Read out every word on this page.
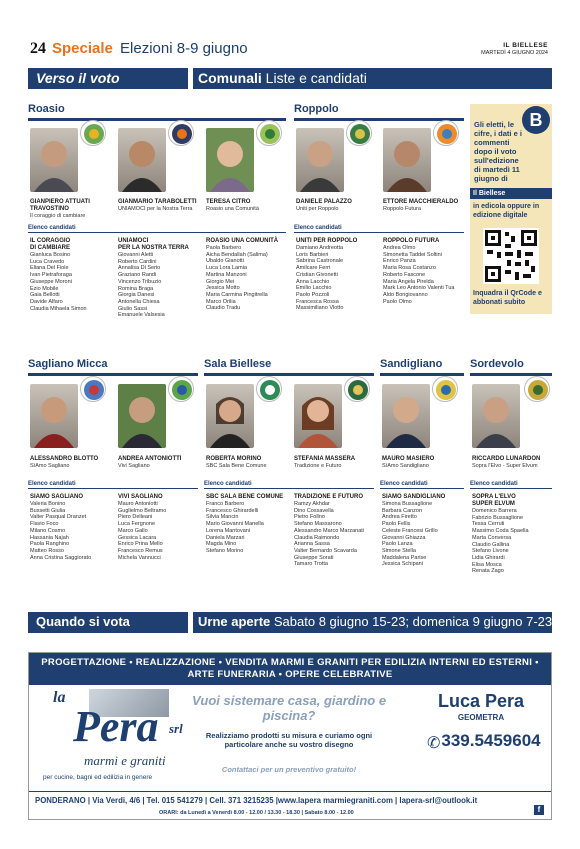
24 Speciale Elezioni 8-9 giugno	IL BIELLESE
MARTEDÌ 4 GIUGNO 2024
Verso il voto	Comunali Liste e candidati
Roasio
GIANPIERO ATTUATI
TRAVOSTINO
Il coraggio di cambiare
GIANMARIO TARABOLETTI
UNIAMOCI per la Nostra Terra
TERESA CITRO
Roasio una Comunità
Elenco candidati
IL CORAGGIO
DI CAMBIARE
Gianluca Bosino
Luca Cravedo
Eliana Del Fiole
Ivan Pietraforaga
Giuseppe Moroni
Ezio Mobile
Gaia Bellotti
Davide Alfaro
Claudia Mihaela Simon
UNIAMOCI
PER LA NOSTRA TERRA
Giovanni Aletti
Roberto Cardini
Annalisa Di Serio
Graziano Randi
Vincenzo Tribuzio
Romina Braga
Giorgia Danesi
Antonella Chiesa
Giulio Sassi
Emanuele Valsesia
ROASIO UNA COMUNITÀ
Paola Barbero
Aicha Bendallah (Salima)
Ubaldo Gianotti
Luca Lora Lamia
Martina Manzoni
Giorgio Mei
Jessica Motto
Maria Carmina Pingitrella
Marco Orilia
Claudio Tradu
Roppolo
DANIELE PALAZZO
Uniti per Roppolo
ETTORE MACCHIERALDO
Roppolo Futura
Elenco candidati
UNITI PER ROPPOLO
Damiano Andreotta
Loris Barbieri
Sabrina Castronale
Amilcare Ferri
Cristian Givonetti
Anna Lacchio
Emilio Lacchio
Paolo Pozzoli
Francesca Rossa
Massimiliano Vlotto
ROPPOLO FUTURA
Andrea Olmo
Simonetta Taddei Soltini
Enrico Panza
Maria Rosa Costanzo
Roberto Fascone
Maria Angela Pirelda
Mark Leo Antonio Valenti Tua
Aldo Bongiovanno
Paolo Olmo
B
Gli eletti, le cifre, i dati e i commenti dopo il voto sull'edizione di martedì 11 giugno di
Il Biellese
in edicola oppure in edizione digitale
Inquadra il QrCode e abbonati subito
Sagliano Micca
ALESSANDRO BLOTTO
SìAmo Sagliano
ANDREA ANTONIOTTI
Vivi Sagliano
Elenco candidati
SIAMO SAGLIANO
Valeria Bonino
Bussetti Giulia
Valter Pasqual Dranzet
Flavio Foco
Milano Cosmo
Hassania Najah
Paola Ranghino
Matteo Rosso
Anna Cristina Saggiorato
VIVI SAGLIANO
Mauro Antoniotti
Guglielmo Beltramo
Piero Delleani
Luca Fergnone
Marco Gallo
Gessica Lacara
Enrico Prina Mello
Francesco Remus
Michela Vannucci
Sala Biellese
ROBERTA MORINO
SBC Sala Bene Comune
STEFANIA MASSERA
Tradizione e Futuro
Elenco candidati
SBC SALA BENE COMUNE
Franco Barbero
Francesco Ghirardelli
Silvia Mancin
Mario Giovanni Manella
Lorena Mantovani
Daniela Marzari
Magda Mino
Stefano Morino
TRADIZIONE E FUTURO
Ramzy Akhdar
Dino Cossavella
Pietro Follno
Stefano Massarono
Alessandro Marco Marzanati
Claudia Raimondo
Arianna Sassa
Valter Bernardo Scavarda
Giuseppe Sorati
Tamaro Trotta
Sandigliano
MAURO MASIERO
SìAmo Sandigliano
Elenco candidati
SIAMO SANDIGLIANO
Simona Bussaglione
Barbara Canzon
Andrea Firetto
Paolo Fellis
Celeste Francesi Grillo
Giovanni Ghiazza
Paolo Lanza
Simone Stella
Maddalena Parise
Jessica Schipani
Sordevolo
RICCARDO LUNARDON
Sopra l'Elvo - Super Elvum
Elenco candidati
SOPRA L'ELVO
SUPER ELVUM
Domenico Barrera
Fabrizio Bussaglione
Tessa Cerruti
Massimo Coda Spaella
Marta Conversa
Claudio Gallina
Stefano Livone
Lidia Ghirardi
Elisa Mosca
Renata Zago
Quando si vota	Urne aperte Sabato 8 giugno 15-23; domenica 9 giugno 7-23
PROGETTAZIONE • REALIZZAZIONE • VENDITA MARMI E GRANITI PER EDILIZIA INTERNI ED ESTERNI • ARTE FUNERARIA • OPERE CELEBRATIVE
la
Pera srl
marmi e graniti
per cucine, bagni ed edilizia in genere
Vuoi sistemare casa, giardino e piscina?
Realizziamo prodotti su misura e curiamo ogni particolare anche su vostro disegno
Contattaci per un preventivo gratuito!
Luca Pera
GEOMETRA
✆ 339.5459604
PONDERANO | Via Verdi, 4/6 | Tel. 015 541279 | Cell. 371 3215235 |www.lapera marmiegraniti.com | lapera-srl@outlook.it
ORARI: da Lunedì a Venerdì 8.00 - 12.00 / 13.30 - 18.30 | Sabato 8.00 - 12.00	f
